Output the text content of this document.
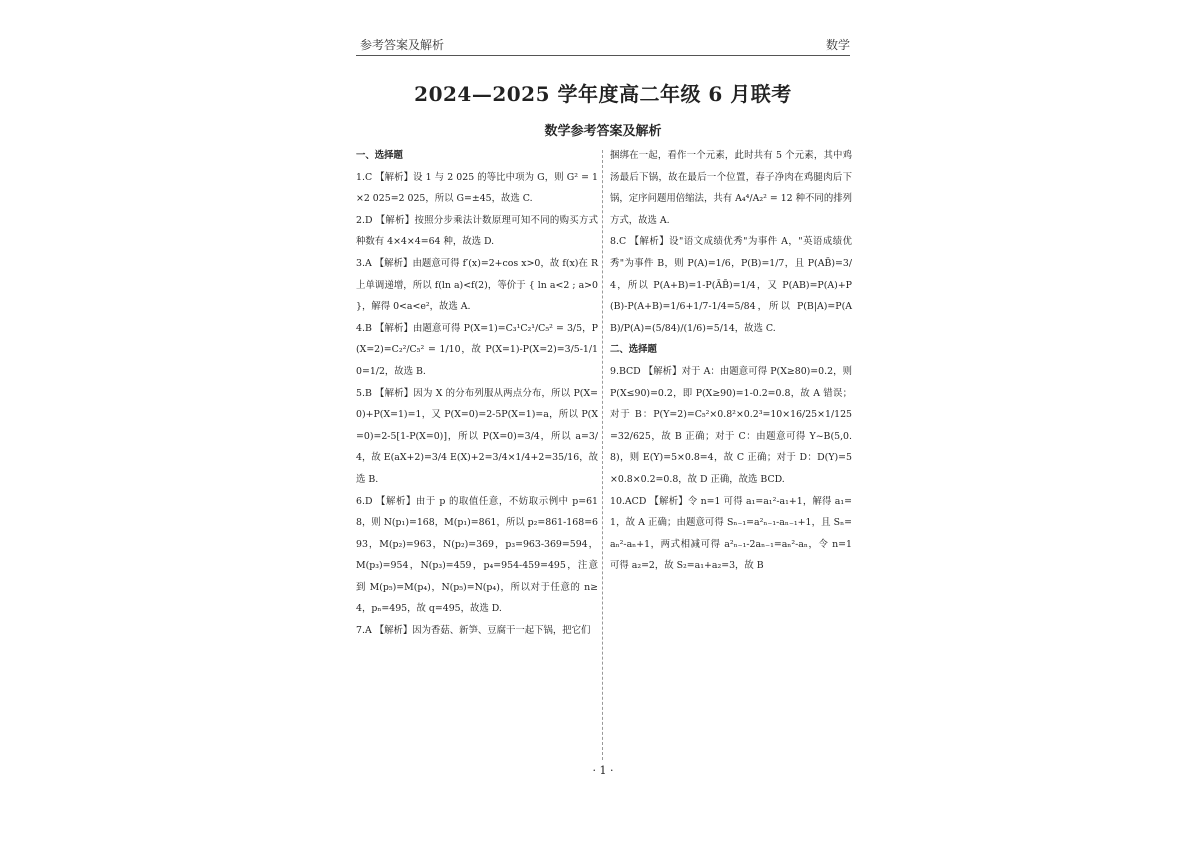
参考答案及解析	数学
2024—2025 学年度高二年级 6 月联考
数学参考答案及解析

一、选择题

1.C 【解析】设 1 与 2 025 的等比中项为 G，则 G² = 1×2 025=2 025，所以 G=±45，故选 C.

2.D 【解析】按照分步乘法计数原理可知不同的购买方式种数有 4×4×4=64 种，故选 D.

3.A 【解析】由题意可得 f′(x)=2+cos x>0，故 f(x)在 R 上单调递增，所以 f(ln a)<f(2)，等价于 { ln a<2 ; a>0 }，解得 0<a<e²，故选 A.

4.B 【解析】由题意可得 P(X=1)=C₃¹C₂¹/C₅² = 3/5，P(X=2)=C₂²/C₅² = 1/10，故 P(X=1)-P(X=2)=3/5-1/10=1/2，故选 B.

5.B 【解析】因为 X 的分布列服从两点分布，所以 P(X=0)+P(X=1)=1，又 P(X=0)=2-5P(X=1)=a，所以 P(X=0)=2-5[1-P(X=0)]，所以 P(X=0)=3/4，所以 a=3/4，故 E(aX+2)=3/4 E(X)+2=3/4×1/4+2=35/16，故选 B.

6.D 【解析】由于 p 的取值任意，不妨取示例中 p=618，则 N(p₁)=168，M(p₁)=861，所以 p₂=861-168=693，M(p₂)=963，N(p₂)=369，p₃=963-369=594，M(p₃)=954，N(p₃)=459，p₄=954-459=495，注意到 M(p₅)=M(p₄)，N(p₅)=N(p₄)，所以对于任意的 n≥4，pₙ=495，故 q=495，故选 D.

7.A 【解析】因为香菇、新笋、豆腐干一起下锅，把它们

捆绑在一起，看作一个元素，此时共有 5 个元素，其中鸡汤最后下锅，故在最后一个位置，春子净肉在鸡腿肉后下锅，定序问题用倍缩法，共有 A₄⁴/A₂² = 12 种不同的排列方式，故选 A.

8.C 【解析】设"语文成绩优秀"为事件 A，"英语成绩优秀"为事件 B，则 P(A)=1/6，P(B)=1/7，且 P(AB̄)=3/4，所以 P(A+B)=1-P(ĀB̄)=1/4，又 P(AB)=P(A)+P(B)-P(A+B)=1/6+1/7-1/4=5/84，所以 P(B|A)=P(AB)/P(A)=(5/84)/(1/6)=5/14，故选 C.

二、选择题

9.BCD 【解析】对于 A：由题意可得 P(X≥80)=0.2，则 P(X≤90)=0.2，即 P(X≥90)=1-0.2=0.8，故 A 错误；对于 B：P(Y=2)=C₅²×0.8²×0.2³=10×16/25×1/125=32/625，故 B 正确；对于 C：由题意可得 Y~B(5,0.8)，则 E(Y)=5×0.8=4，故 C 正确；对于 D：D(Y)=5×0.8×0.2=0.8，故 D 正确，故选 BCD.

10.ACD 【解析】令 n=1 可得 a₁=a₁²-a₁+1，解得 a₁=1，故 A 正确；由题意可得 Sₙ₋₁=a²ₙ₋₁-aₙ₋₁+1，且 Sₙ=aₙ²-aₙ+1，两式相减可得 a²ₙ₋₁-2aₙ₋₁=aₙ²-aₙ，令 n=1 可得 a₂=2，故 S₂=a₁+a₂=3，故 B

· 1 ·
